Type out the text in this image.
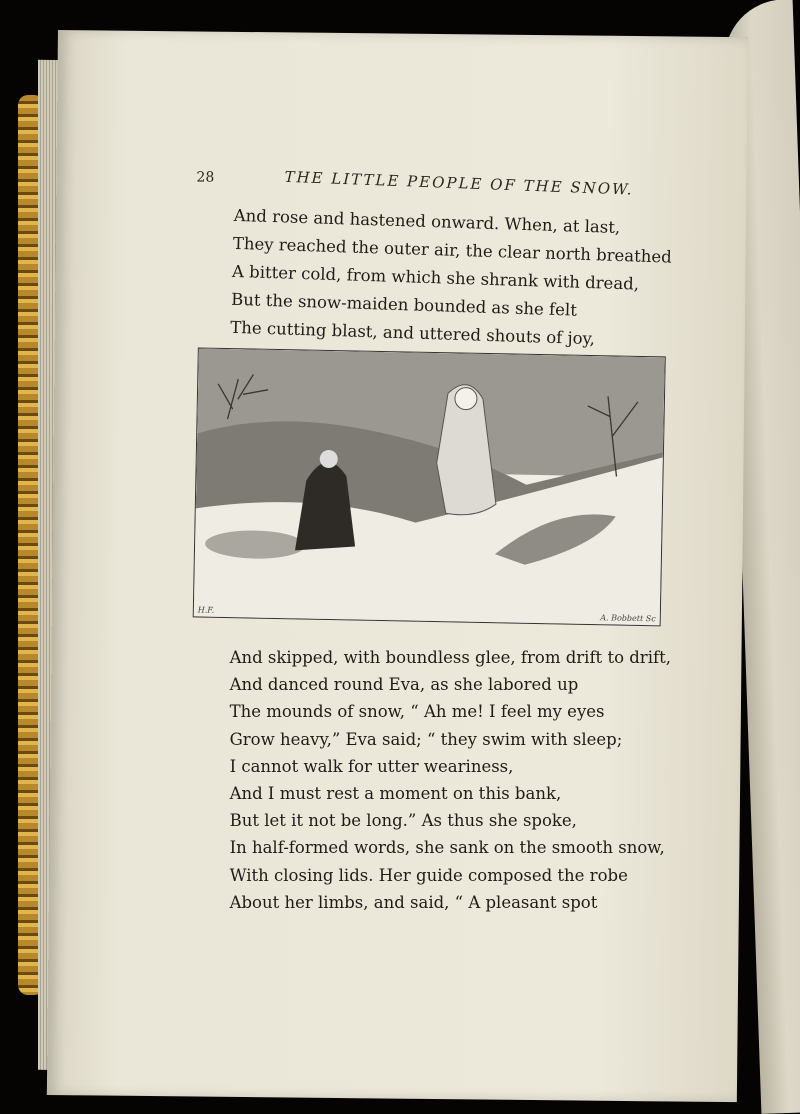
28	THE LITTLE PEOPLE OF THE SNOW.
And rose and hastened onward. When, at last,
They reached the outer air, the clear north breathed
A bitter cold, from which she shrank with dread,
But the snow-maiden bounded as she felt
The cutting blast, and uttered shouts of joy,
H.F.
A. Bobbett Sc
And skipped, with boundless glee, from drift to drift,
And danced round Eva, as she labored up
The mounds of snow, “ Ah me! I feel my eyes
Grow heavy,” Eva said; “ they swim with sleep;
I cannot walk for utter weariness,
And I must rest a moment on this bank,
But let it not be long.” As thus she spoke,
In half-formed words, she sank on the smooth snow,
With closing lids. Her guide composed the robe
About her limbs, and said, “ A pleasant spot
